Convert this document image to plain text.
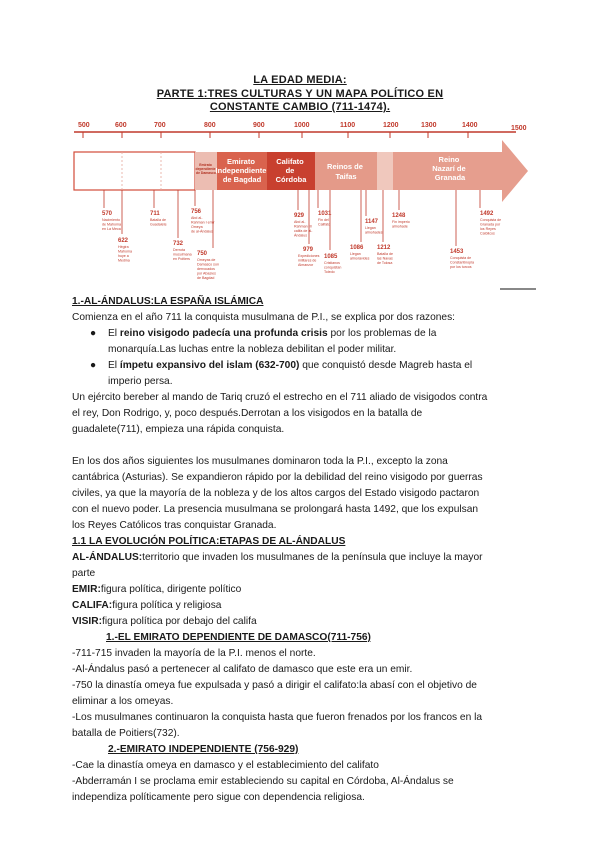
LA EDAD MEDIA:
PARTE 1:TRES CULTURAS Y UN MAPA POLÍTICO EN
CONSTANTE CAMBIO (711-1474).
500	600	700	800	900	1000	1100	1200	1300	1400	1500
Emirato dependiente de Damasco
Emirato Independiente de Bagdad
Califato de Córdoba
Reinos de Taifas
Reino Nazarí de Granada
570
622
711
732
756
750
929
979
1031
1085
1086
1147
1212
1248
1453
1492
Nacimiento de Mahoma en La Meca
Hégira Mahoma huye a Medina
Batalla de Guadalete
Derrota musulmana en Poitiers
Abd al-Rahman I emir Omeya de al-Ándalus
Omeyas de Damasco son derrocados por Abasíes de Bagdad
Abd al-Rahman III califa de al-Ándalus
Expediciones militares de Almanzor
Fin del Califato
Cristianos conquistan Toledo
Llegan almorávides
Llegan almohades
Batalla de las Navas de Tolosa
Fin imperio almohade
Conquista de Constantinopla por los turcos
Conquista de Granada por los Reyes Católicos
1.-AL-ÁNDALUS:LA ESPAÑA ISLÁMICA
Comienza en el año 711 la conquista musulmana de P.I., se explica por dos razones:
● El reino visigodo padecía una profunda crisis por los problemas de la
monarquía.Las luchas entre la nobleza debilitan el poder militar.
● El ímpetu expansivo del islam (632-700) que conquistó desde Magreb hasta el
imperio persa.
Un ejército bereber al mando de Tariq cruzó el estrecho en el 711 aliado de visigodos contra
el rey, Don Rodrigo, y, poco después.Derrotan a los visigodos en la batalla de
guadalete(711), empieza una rápida conquista.
En los dos años siguientes los musulmanes dominaron toda la P.I., excepto la zona
cantábrica (Asturias). Se expandieron rápido por la debilidad del reino visigodo por guerras
civiles, ya que la mayoría de la nobleza y de los altos cargos del Estado visigodo pactaron
con el nuevo poder. La presencia musulmana se prolongará hasta 1492, que los expulsan
los Reyes Católicos tras conquistar Granada.
1.1 LA EVOLUCIÓN POLÍTICA:ETAPAS DE AL-ÁNDALUS
AL-ÁNDALUS:territorio que invaden los musulmanes de la península que incluye la mayor
parte
EMIR:figura política, dirigente político
CALIFA:figura política y religiosa
VISIR:figura política por debajo del califa
1.-EL EMIRATO DEPENDIENTE DE DAMASCO(711-756)
-711-715 invaden la mayoría de la P.I. menos el norte.
-Al-Ándalus pasó a pertenecer al califato de damasco que este era un emir.
-750 la dinastía omeya fue expulsada y pasó a dirigir el califato:la abasí con el objetivo de
eliminar a los omeyas.
-Los musulmanes continuaron la conquista hasta que fueron frenados por los francos en la
batalla de Poitiers(732).
2.-EMIRATO INDEPENDIENTE (756-929)
-Cae la dinastía omeya en damasco y el establecimiento del califato
-Abderramán I se proclama emir estableciendo su capital en Córdoba, Al-Ándalus se
independiza políticamente pero sigue con dependencia religiosa.
